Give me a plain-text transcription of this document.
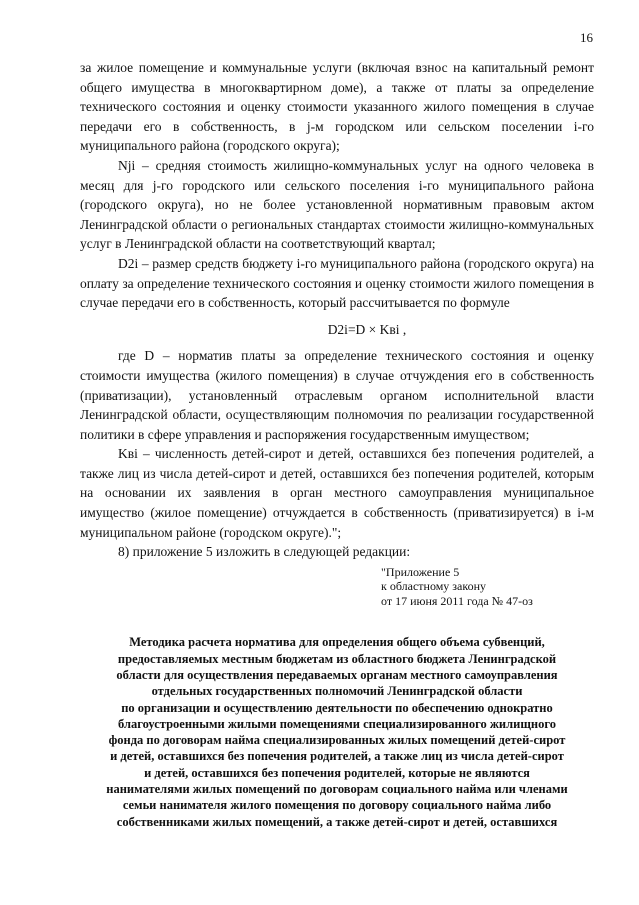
16

за жилое помещение и коммунальные услуги (включая взнос на капитальный ремонт общего имущества в многоквартирном доме), а также от платы за определение технического состояния и оценку стоимости указанного жилого помещения в случае передачи его в собственность, в j-м городском или сельском поселении i-го муниципального района (городского округа);

Nji – средняя стоимость жилищно-коммунальных услуг на одного человека в месяц для j-го городского или сельского поселения i-го муниципального района (городского округа), но не более установленной нормативным правовым актом Ленинградской области о региональных стандартах стоимости жилищно-коммунальных услуг в Ленинградской области на соответствующий квартал;

D2i – размер средств бюджету i-го муниципального района (городского округа) на оплату за определение технического состояния и оценку стоимости жилого помещения в случае передачи его в собственность, который рассчитывается по формуле

D2i=D × Kвi ,

где D – норматив платы за определение технического состояния и оценку стоимости имущества (жилого помещения) в случае отчуждения его в собственность (приватизации), установленный отраслевым органом исполнительной власти Ленинградской области, осуществляющим полномочия по реализации государственной политики в сфере управления и распоряжения государственным имуществом;

Kвi – численность детей-сирот и детей, оставшихся без попечения родителей, а также лиц из числа детей-сирот и детей, оставшихся без попечения родителей, которым на основании их заявления в орган местного самоуправления муниципальное имущество (жилое помещение) отчуждается в собственность (приватизируется) в i-м муниципальном районе (городском округе).";

8) приложение 5 изложить в следующей редакции:

"Приложение 5
к областному закону
от 17 июня 2011 года № 47-оз
Методика расчета норматива для определения общего объема субвенций,
предоставляемых местным бюджетам из областного бюджета Ленинградской
области для осуществления передаваемых органам местного самоуправления
отдельных государственных полномочий Ленинградской области
по организации и осуществлению деятельности по обеспечению однократно
благоустроенными жилыми помещениями специализированного жилищного
фонда по договорам найма специализированных жилых помещений детей-сирот
и детей, оставшихся без попечения родителей, а также лиц из числа детей-сирот
и детей, оставшихся без попечения родителей, которые не являются
нанимателями жилых помещений по договорам социального найма или членами
семьи нанимателя жилого помещения по договору социального найма либо
собственниками жилых помещений, а также детей-сирот и детей, оставшихся
